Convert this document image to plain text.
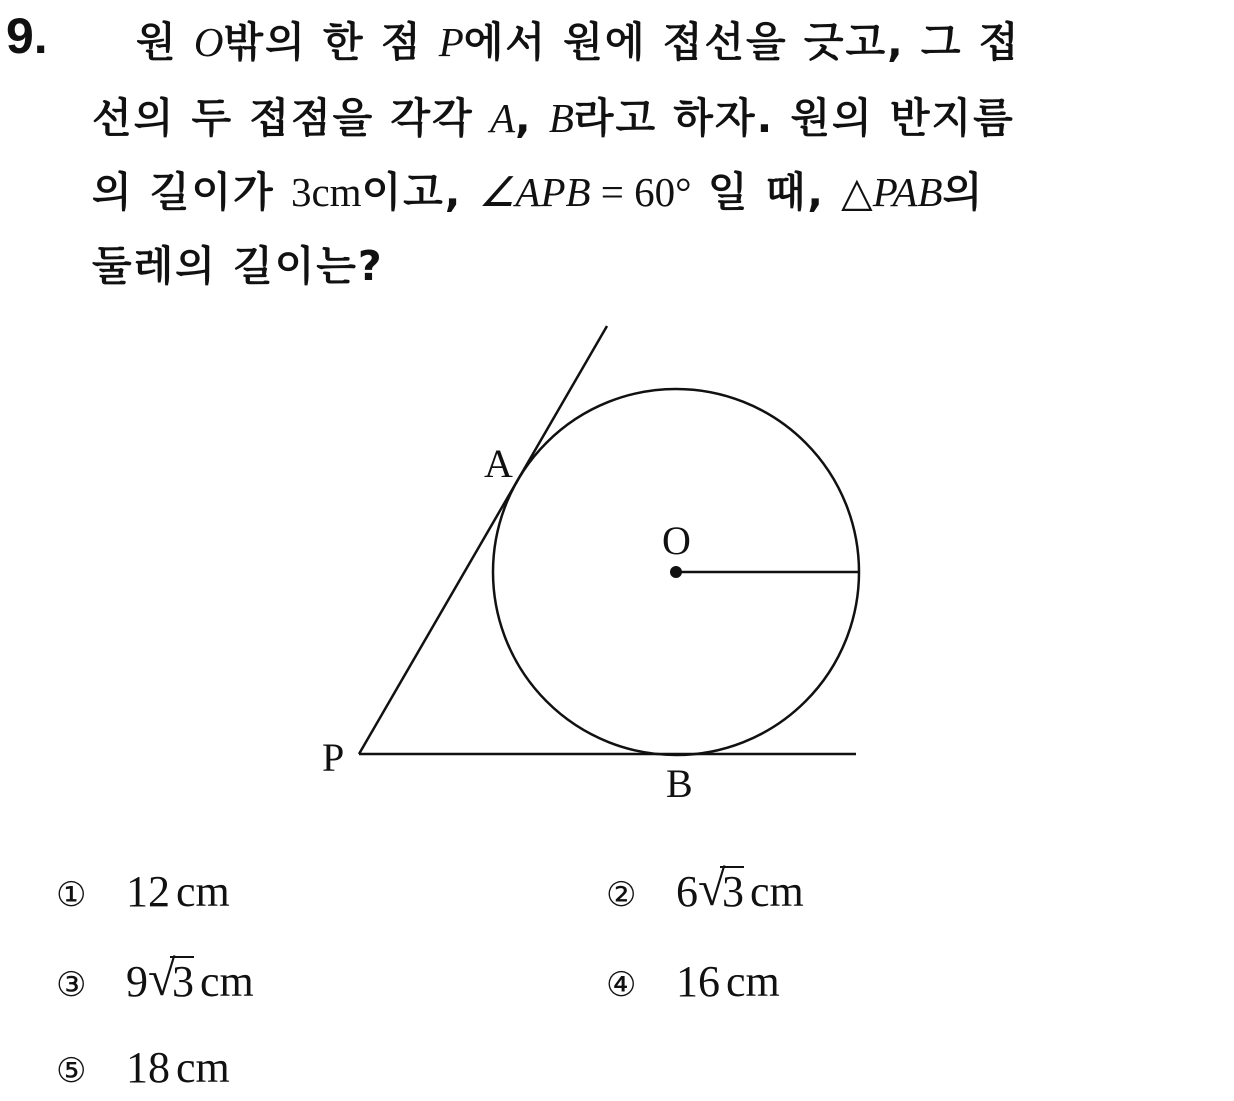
9. 원 O밖의 한 점 P에서 원에 접선을 긋고, 그 접
선의 두 접점을 각각 A, B라고 하자. 원의 반지름
의 길이가 3cm이고, ∠APB = 60° 일 때, △PAB의
둘레의 길이는?
A
O
P
B
① 12 cm	② 6 √
3 cm
③ 9 √
3 cm	④ 16 cm
⑤ 18 cm
